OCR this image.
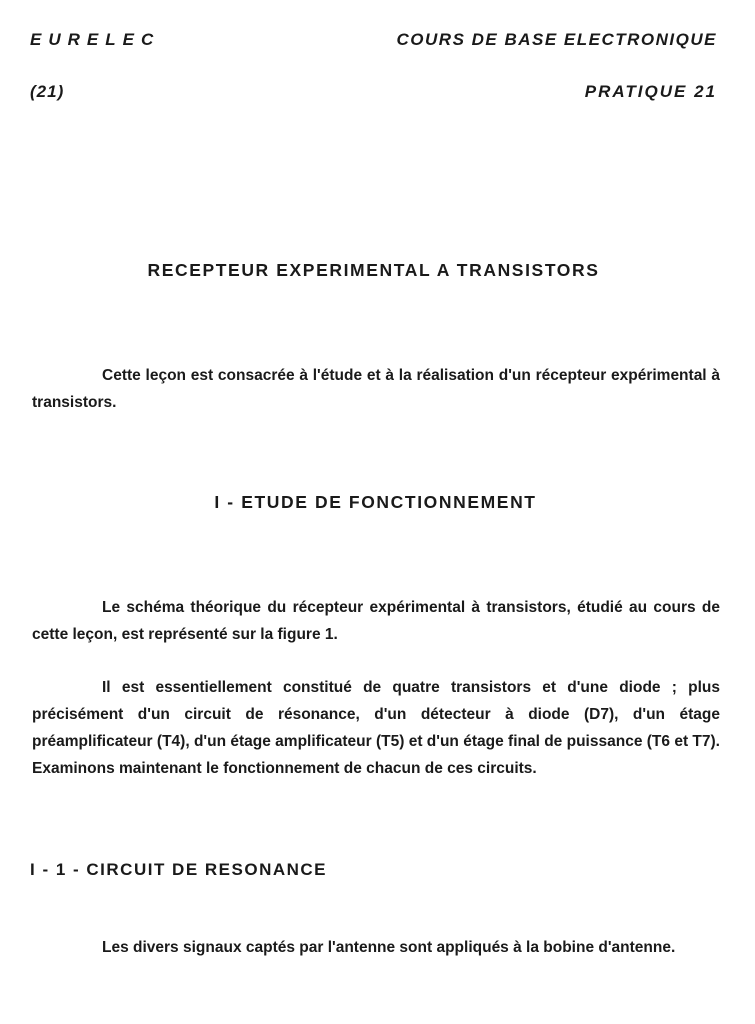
EURELEC	COURS DE BASE ELECTRONIQUE
(21)	PRATIQUE 21
RECEPTEUR EXPERIMENTAL A TRANSISTORS
Cette leçon est consacrée à l'étude et à la réalisation d'un récepteur expérimental à transistors.
I - ETUDE DE FONCTIONNEMENT
Le schéma théorique du récepteur expérimental à transistors, étudié au cours de cette leçon, est représenté sur la figure 1.
Il est essentiellement constitué de quatre transistors et d'une diode ; plus précisément d'un circuit de résonance, d'un détecteur à diode (D7), d'un étage préamplificateur (T4), d'un étage amplificateur (T5) et d'un étage final de puissance (T6 et T7). Examinons maintenant le fonctionnement de chacun de ces circuits.
I - 1 - CIRCUIT DE RESONANCE
Les divers signaux captés par l'antenne sont appliqués à la bobine d'antenne.
